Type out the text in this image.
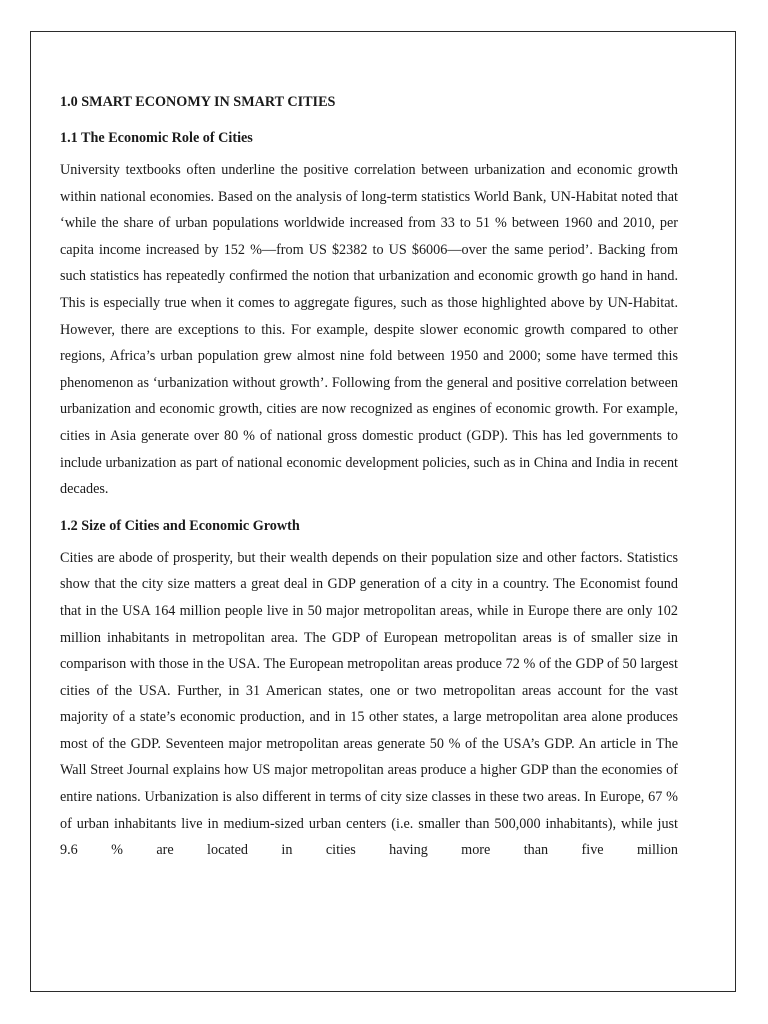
1.0 SMART ECONOMY IN SMART CITIES
1.1 The Economic Role of Cities

University textbooks often underline the positive correlation between urbanization and economic growth within national economies. Based on the analysis of long-term statistics World Bank, UN-Habitat noted that ‘while the share of urban populations worldwide increased from 33 to 51 % between 1960 and 2010, per capita income increased by 152 %—from US $2382 to US $6006—over the same period’. Backing from such statistics has repeatedly confirmed the notion that urbanization and economic growth go hand in hand. This is especially true when it comes to aggregate figures, such as those highlighted above by UN-Habitat. However, there are exceptions to this. For example, despite slower economic growth compared to other regions, Africa’s urban population grew almost nine fold between 1950 and 2000; some have termed this phenomenon as ‘urbanization without growth’. Following from the general and positive correlation between urbanization and economic growth, cities are now recognized as engines of economic growth. For example, cities in Asia generate over 80 % of national gross domestic product (GDP). This has led governments to include urbanization as part of national economic development policies, such as in China and India in recent decades.

1.2 Size of Cities and Economic Growth

Cities are abode of prosperity, but their wealth depends on their population size and other factors. Statistics show that the city size matters a great deal in GDP generation of a city in a country. The Economist found that in the USA 164 million people live in 50 major metropolitan areas, while in Europe there are only 102 million inhabitants in metropolitan area. The GDP of European metropolitan areas is of smaller size in comparison with those in the USA. The European metropolitan areas produce 72 % of the GDP of 50 largest cities of the USA. Further, in 31 American states, one or two metropolitan areas account for the vast majority of a state’s economic production, and in 15 other states, a large metropolitan area alone produces most of the GDP. Seventeen major metropolitan areas generate 50 % of the USA’s GDP. An article in The Wall Street Journal explains how US major metropolitan areas produce a higher GDP than the economies of entire nations. Urbanization is also different in terms of city size classes in these two areas. In Europe, 67 % of urban inhabitants live in medium-sized urban centers (i.e. smaller than 500,000 inhabitants), while just 9.6 % are located in cities having more than five million
